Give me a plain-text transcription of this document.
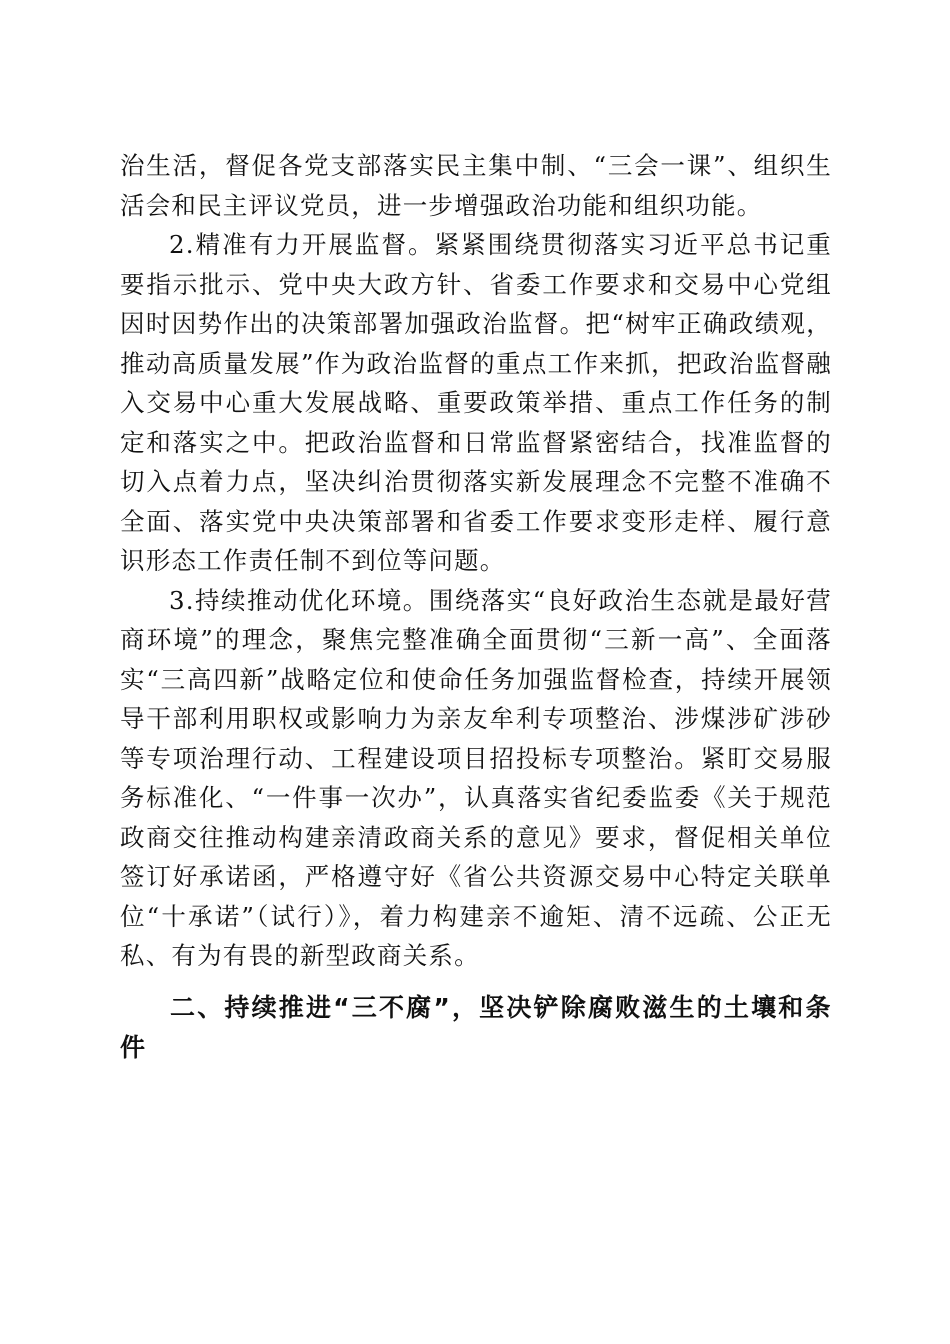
治生活，督促各党支部落实民主集中制、“三会一课”、组织生活会和民主评议党员，进一步增强政治功能和组织功能。

2.精准有力开展监督。紧紧围绕贯彻落实习近平总书记重要指示批示、党中央大政方针、省委工作要求和交易中心党组因时因势作出的决策部署加强政治监督。把“树牢正确政绩观，推动高质量发展”作为政治监督的重点工作来抓，把政治监督融入交易中心重大发展战略、重要政策举措、重点工作任务的制定和落实之中。把政治监督和日常监督紧密结合，找准监督的切入点着力点，坚决纠治贯彻落实新发展理念不完整不准确不全面、落实党中央决策部署和省委工作要求变形走样、履行意识形态工作责任制不到位等问题。

3.持续推动优化环境。围绕落实“良好政治生态就是最好营商环境”的理念，聚焦完整准确全面贯彻“三新一高”、全面落实“三高四新”战略定位和使命任务加强监督检查，持续开展领导干部利用职权或影响力为亲友牟利专项整治、涉煤涉矿涉砂等专项治理行动、工程建设项目招投标专项整治。紧盯交易服务标准化、“一件事一次办”，认真落实省纪委监委《关于规范政商交往推动构建亲清政商关系的意见》要求，督促相关单位签订好承诺函，严格遵守好《省公共资源交易中心特定关联单位“十承诺”（试行）》，着力构建亲不逾矩、清不远疏、公正无私、有为有畏的新型政商关系。

二、持续推进“三不腐”，坚决铲除腐败滋生的土壤和条件
